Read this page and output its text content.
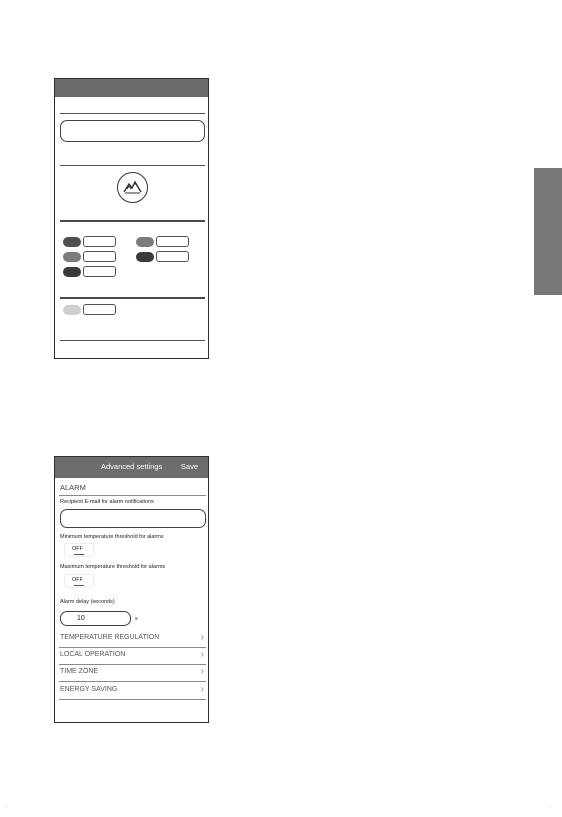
Advanced settings Save
ALARM
Recipient E-mail for alarm notifications
Minimum temperature threshold for alarms
OFF
Maximum temperature threshold for alarms
OFF
Alarm delay (seconds)
10	s
TEMPERATURE REGULATION	›
LOCAL OPERATION	›
TIME ZONE	›
ENERGY SAVING	›
‧	‧
